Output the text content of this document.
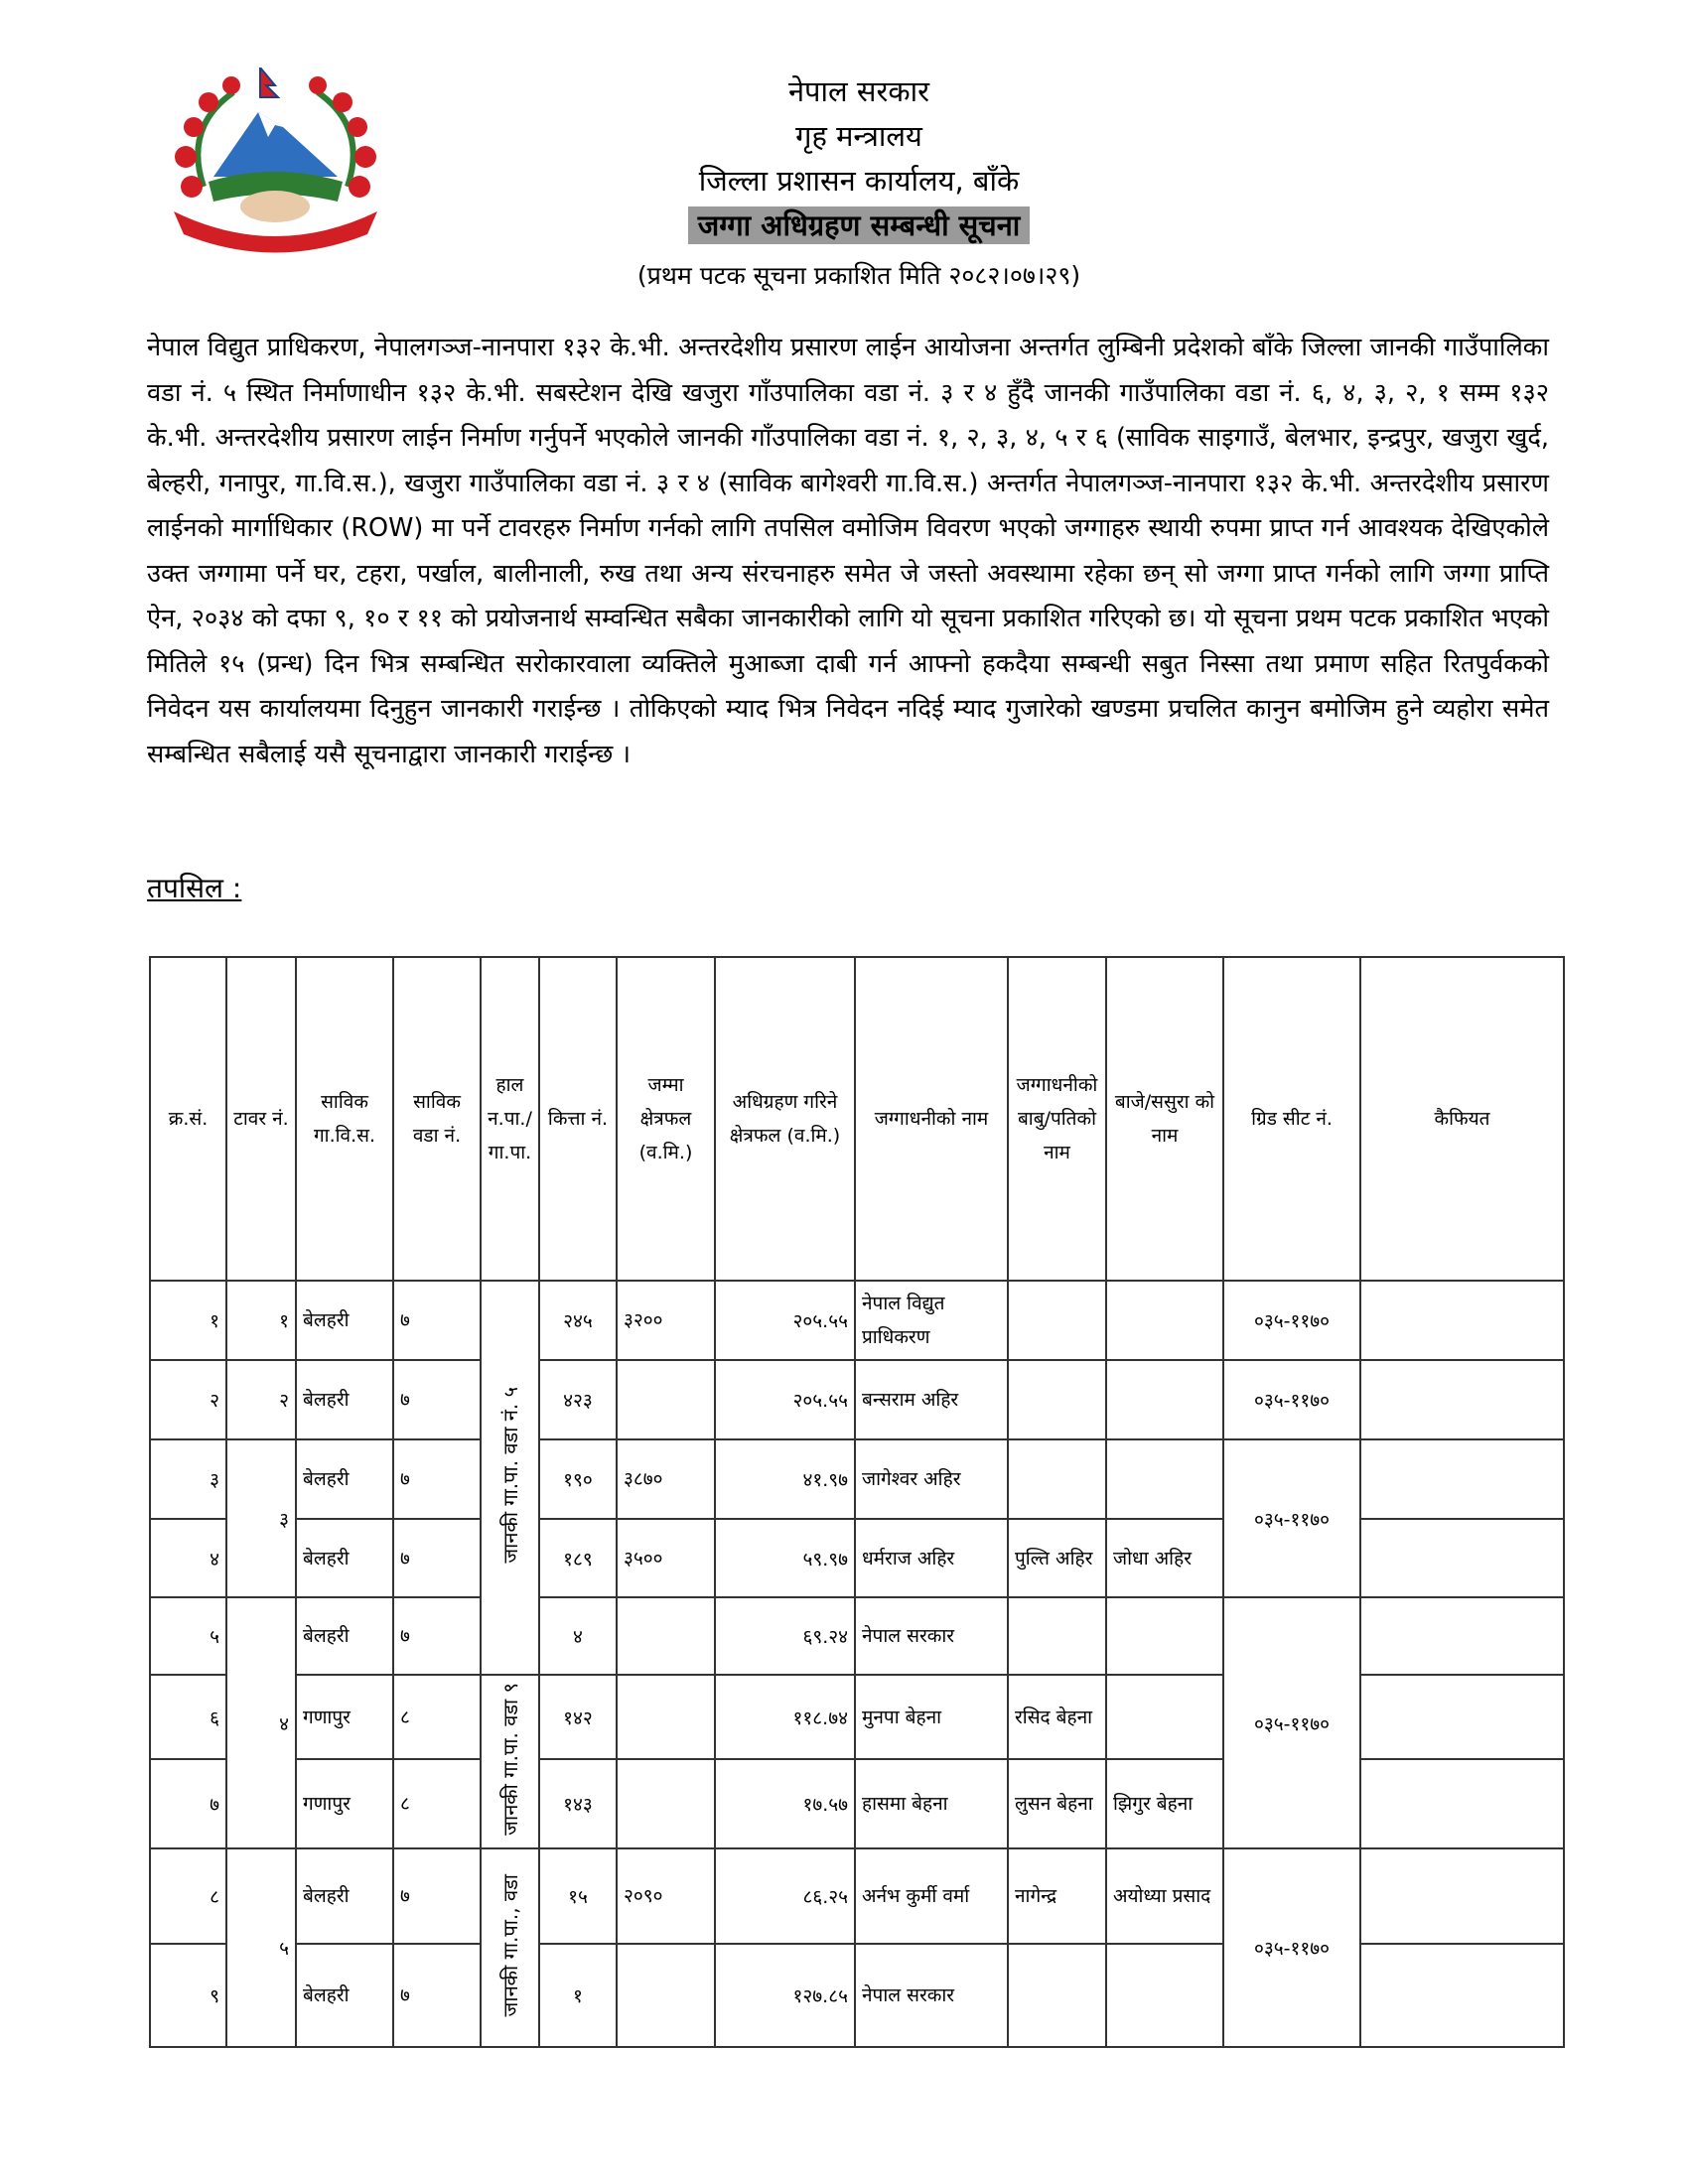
नेपाल सरकार
गृह मन्त्रालय
जिल्ला प्रशासन कार्यालय, बाँके
जग्गा अधिग्रहण सम्बन्धी सूचना
(प्रथम पटक सूचना प्रकाशित मिति २०८२।०७।२९)
नेपाल विद्युत प्राधिकरण, नेपालगञ्ज-नानपारा १३२ के.भी. अन्तरदेशीय प्रसारण लाईन आयोजना अन्तर्गत लुम्बिनी प्रदेशको बाँके जिल्ला जानकी गाउँपालिका वडा नं. ५ स्थित निर्माणाधीन १३२ के.भी. सबस्टेशन देखि खजुरा गाँउपालिका वडा नं. ३ र ४ हुँदै जानकी गाउँपालिका वडा नं. ६, ४, ३, २, १ सम्म १३२ के.भी. अन्तरदेशीय प्रसारण लाईन निर्माण गर्नुपर्ने भएकोले जानकी गाँउपालिका वडा नं. १, २, ३, ४, ५ र ६ (साविक साइगाउँ, बेलभार, इन्द्रपुर, खजुरा खुर्द, बेल्हरी, गनापुर, गा.वि.स.), खजुरा गाउँपालिका वडा नं. ३ र ४ (साविक बागेश्वरी गा.वि.स.) अन्तर्गत नेपालगञ्ज-नानपारा १३२ के.भी. अन्तरदेशीय प्रसारण लाईनको मार्गाधिकार (ROW) मा पर्ने टावरहरु निर्माण गर्नको लागि तपसिल वमोजिम विवरण भएको जग्गाहरु स्थायी रुपमा प्राप्त गर्न आवश्यक देखिएकोले उक्त जग्गामा पर्ने घर, टहरा, पर्खाल, बालीनाली, रुख तथा अन्य संरचनाहरु समेत जे जस्तो अवस्थामा रहेका छन् सो जग्गा प्राप्त गर्नको लागि जग्गा प्राप्ति ऐन, २०३४ को दफा ९, १० र ११ को प्रयोजनार्थ सम्वन्धित सबैका जानकारीको लागि यो सूचना प्रकाशित गरिएको छ। यो सूचना प्रथम पटक प्रकाशित भएको मितिले १५ (प्रन्ध) दिन भित्र सम्बन्धित सरोकारवाला व्यक्तिले मुआब्जा दाबी गर्न आफ्नो हकदैया सम्बन्धी सबुत निस्सा तथा प्रमाण सहित रितपुर्वकको निवेदन यस कार्यालयमा दिनुहुन जानकारी गराईन्छ । तोकिएको म्याद भित्र निवेदन नदिई म्याद गुजारेको खण्डमा प्रचलित कानुन बमोजिम हुने व्यहोरा समेत सम्बन्धित सबैलाई यसै सूचनाद्वारा जानकारी गराईन्छ ।
तपसिल :
क्र.सं.	टावर नं.	साविक गा.वि.स.	साविक वडा नं.	हाल न.पा./गा.पा.	कित्ता नं.	जम्मा क्षेत्रफल (व.मि.)	अधिग्रहण गरिने क्षेत्रफल (व.मि.)	जग्गाधनीको नाम	जग्गाधनीको बाबु/पतिको नाम	बाजे/ससुरा को नाम	ग्रिड सीट नं.	कैफियत
१	१	बेलहरी	७	जानकी गा.पा. वडा नं. ५	२४५	३२००	२०५.५५	नेपाल विद्युत प्राधिकरण			०३५-११७०	
२	२	बेलहरी	७		४२३		२०५.५५	बन्सराम अहिर			०३५-११७०	
३	३	बेलहरी	७		१९०	३८७०	४१.९७	जागेश्वर अहिर			०३५-११७०	
४		बेलहरी	७		१८९	३५००	५९.९७	धर्मराज अहिर	पुल्ति अहिर	जोधा अहिर		
५	४	बेलहरी	७		४		६९.२४	नेपाल सरकार			०३५-११७०	
६		गणापुर	८	जानकी गा.पा. वडा ९	१४२		११८.७४	मुनपा बेहना	रसिद बेहना			
७		गणापुर	८		१४३		१७.५७	हासमा बेहना	लुसन बेहना	झिगुर बेहना		
८	५	बेलहरी	७	जानकी गा.पा., वडा	१५	२०९०	८६.२५	अर्नभ कुर्मी वर्मा	नागेन्द्र	अयोध्या प्रसाद	०३५-११७०	
९		बेलहरी	७		१		१२७.८५	नेपाल सरकार				
